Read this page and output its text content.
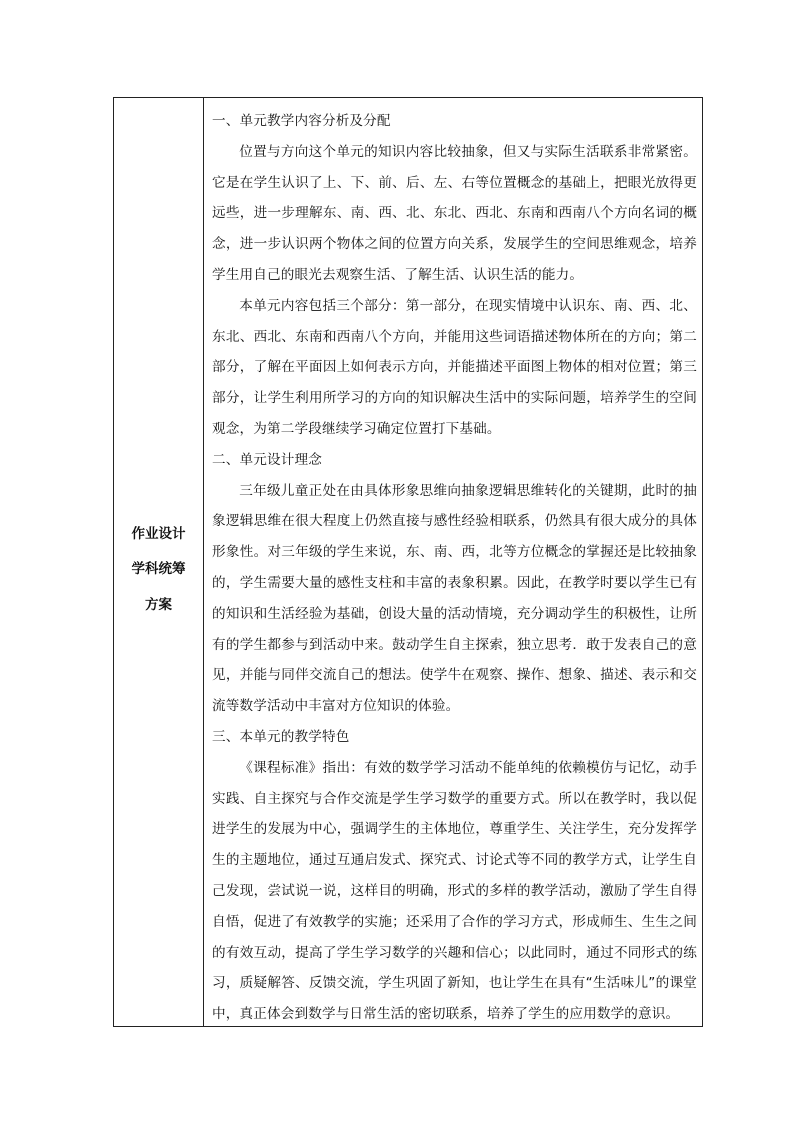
作业设计
学科统筹
方案

一、单元教学内容分析及分配

位置与方向这个单元的知识内容比较抽象，但又与实际生活联系非常紧密。它是在学生认识了上、下、前、后、左、右等位置概念的基础上，把眼光放得更远些，进一步理解东、南、西、北、东北、西北、东南和西南八个方向名词的概念，进一步认识两个物体之间的位置方向关系，发展学生的空间思维观念，培养学生用自己的眼光去观察生活、了解生活、认识生活的能力。

本单元内容包括三个部分：第一部分，在现实情境中认识东、南、西、北、东北、西北、东南和西南八个方向，并能用这些词语描述物体所在的方向；第二部分，了解在平面因上如何表示方向，并能描述平面图上物体的相对位置；第三部分，让学生利用所学习的方向的知识解决生活中的实际问题，培养学生的空间观念，为第二学段继续学习确定位置打下基础。

二、单元设计理念

三年级儿童正处在由具体形象思维向抽象逻辑思维转化的关键期，此时的抽象逻辑思维在很大程度上仍然直接与感性经验相联系，仍然具有很大成分的具体形象性。对三年级的学生来说，东、南、西，北等方位概念的掌握还是比较抽象的，学生需要大量的感性支柱和丰富的表象积累。因此，在教学时要以学生已有的知识和生活经验为基础，创设大量的活动情境，充分调动学生的积极性，让所有的学生都参与到活动中来。鼓动学生自主探索，独立思考．敢于发表自己的意见，并能与同伴交流自己的想法。使学牛在观察、操作、想象、描述、表示和交流等数学活动中丰富对方位知识的体验。

三、本单元的教学特色

《课程标准》指出：有效的数学学习活动不能单纯的依赖模仿与记忆，动手实践、自主探究与合作交流是学生学习数学的重要方式。所以在教学时，我以促进学生的发展为中心，强调学生的主体地位，尊重学生、关注学生，充分发挥学生的主题地位，通过互通启发式、探究式、讨论式等不同的教学方式，让学生自己发现，尝试说一说，这样目的明确，形式的多样的教学活动，激励了学生自得自悟，促进了有效教学的实施；还采用了合作的学习方式，形成师生、生生之间的有效互动，提高了学生学习数学的兴趣和信心；以此同时，通过不同形式的练习，质疑解答、反馈交流，学生巩固了新知，也让学生在具有“生活味儿”的课堂中，真正体会到数学与日常生活的密切联系，培养了学生的应用数学的意识。
